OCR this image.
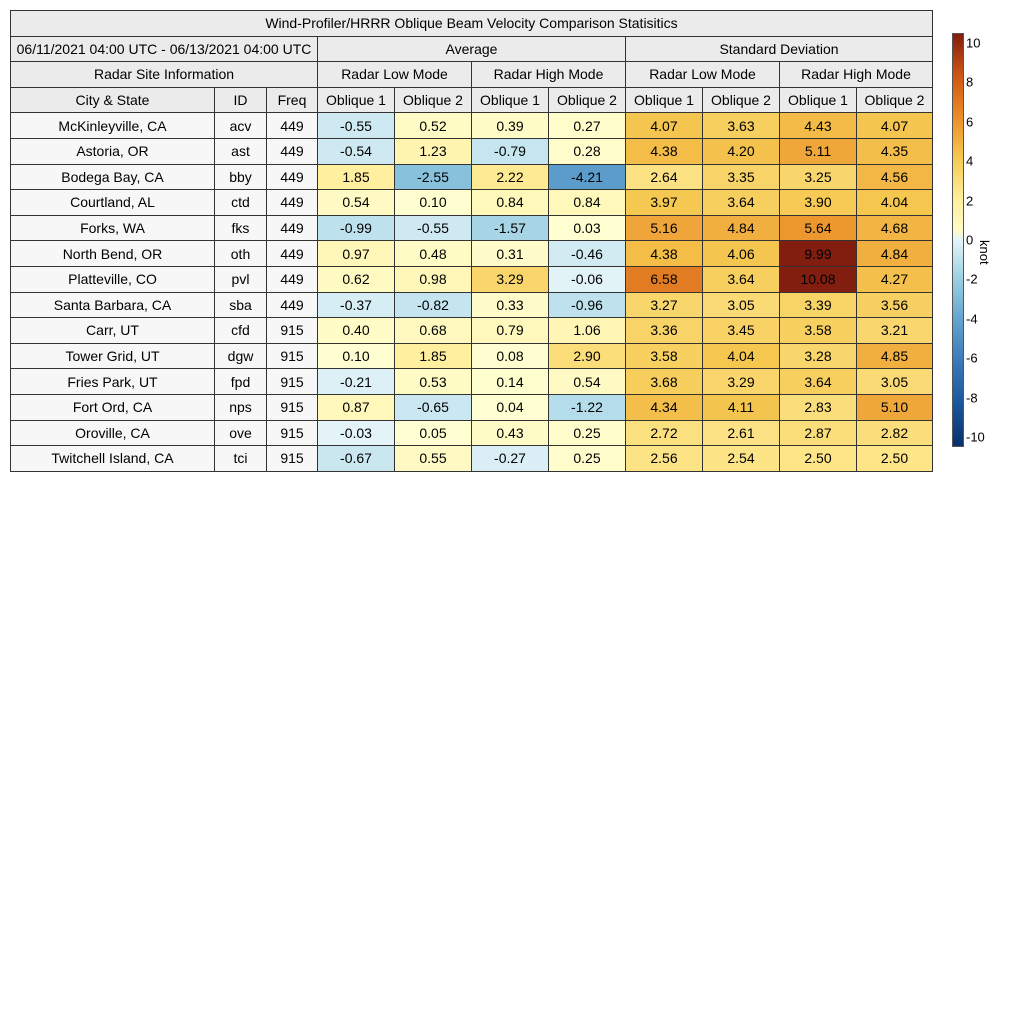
Wind-Profiler/HRRR Oblique Beam Velocity Comparison Statisitics										
06/11/2021 04:00 UTC - 06/13/2021 04:00 UTC			Average				Standard Deviation			
Radar Site Information			Radar Low Mode		Radar High Mode		Radar Low Mode		Radar High Mode	
City & State	ID	Freq	Oblique 1	Oblique 2	Oblique 1	Oblique 2	Oblique 1	Oblique 2	Oblique 1	Oblique 2
McKinleyville, CA	acv	449	-0.55	0.52	0.39	0.27	4.07	3.63	4.43	4.07
Astoria, OR	ast	449	-0.54	1.23	-0.79	0.28	4.38	4.20	5.11	4.35
Bodega Bay, CA	bby	449	1.85	-2.55	2.22	-4.21	2.64	3.35	3.25	4.56
Courtland, AL	ctd	449	0.54	0.10	0.84	0.84	3.97	3.64	3.90	4.04
Forks, WA	fks	449	-0.99	-0.55	-1.57	0.03	5.16	4.84	5.64	4.68
North Bend, OR	oth	449	0.97	0.48	0.31	-0.46	4.38	4.06	9.99	4.84
Platteville, CO	pvl	449	0.62	0.98	3.29	-0.06	6.58	3.64	10.08	4.27
Santa Barbara, CA	sba	449	-0.37	-0.82	0.33	-0.96	3.27	3.05	3.39	3.56
Carr, UT	cfd	915	0.40	0.68	0.79	1.06	3.36	3.45	3.58	3.21
Tower Grid, UT	dgw	915	0.10	1.85	0.08	2.90	3.58	4.04	3.28	4.85
Fries Park, UT	fpd	915	-0.21	0.53	0.14	0.54	3.68	3.29	3.64	3.05
Fort Ord, CA	nps	915	0.87	-0.65	0.04	-1.22	4.34	4.11	2.83	5.10
Oroville, CA	ove	915	-0.03	0.05	0.43	0.25	2.72	2.61	2.87	2.82
Twitchell Island, CA	tci	915	-0.67	0.55	-0.27	0.25	2.56	2.54	2.50	2.50
10
8
6
4
2
0
-2
-4
-6
-8
-10
knot
